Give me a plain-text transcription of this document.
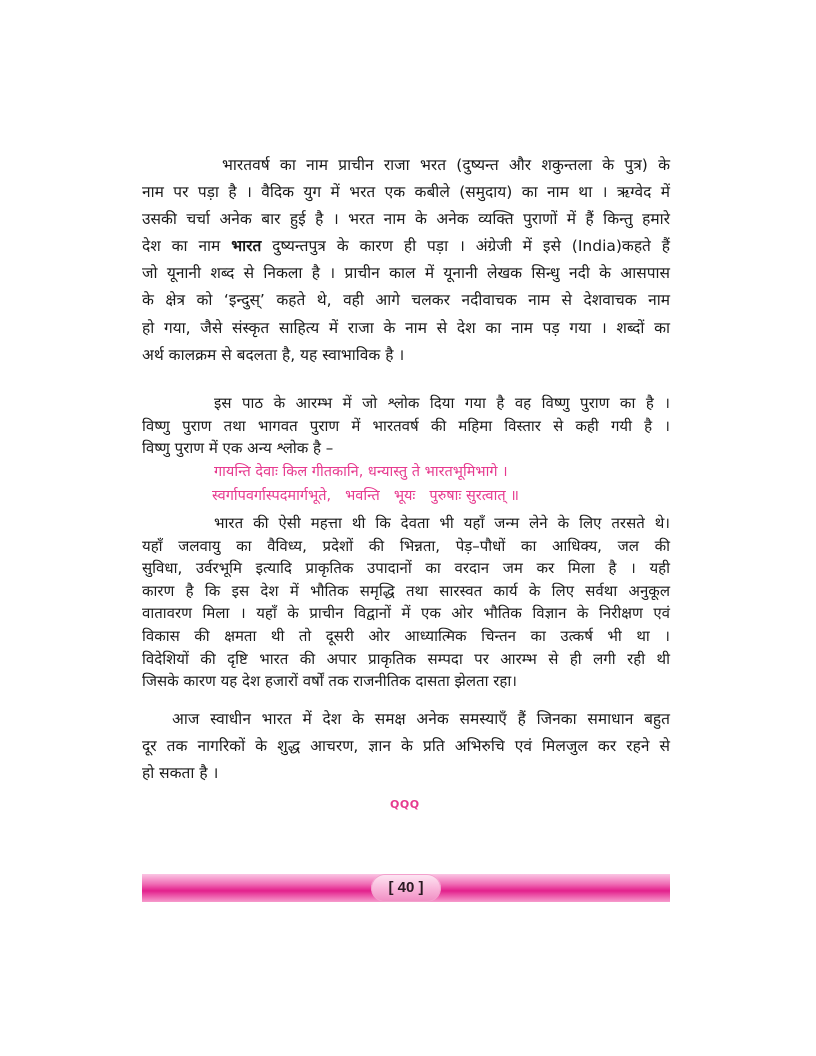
भारतवर्ष का नाम प्राचीन राजा भरत (दुष्यन्त और शकुन्तला के पुत्र) के
नाम पर पड़ा है । वैदिक युग में भरत एक कबीले (समुदाय) का नाम था । ऋग्वेद में
उसकी चर्चा अनेक बार हुई है । भरत नाम के अनेक व्यक्ति पुराणों में हैं किन्तु हमारे
देश का नाम भारत दुष्यन्तपुत्र के कारण ही पड़ा । अंग्रेजी में इसे (India)कहते हैं
जो यूनानी शब्द से निकला है । प्राचीन काल में यूनानी लेखक सिन्धु नदी के आसपास
के क्षेत्र को ‘इन्दुस्’ कहते थे, वही आगे चलकर नदीवाचक नाम से देशवाचक नाम
हो गया, जैसे संस्कृत साहित्य में राजा के नाम से देश का नाम पड़ गया । शब्दों का
अर्थ कालक्रम से बदलता है, यह स्वाभाविक है ।
इस पाठ के आरम्भ में जो श्लोक दिया गया है वह विष्णु पुराण का है ।
विष्णु पुराण तथा भागवत पुराण में भारतवर्ष की महिमा विस्तार से कही गयी है ।
विष्णु पुराण में एक अन्य श्लोक है –
गायन्ति देवाः किल गीतकानि, धन्यास्तु ते भारतभूमिभागे ।
स्वर्गापवर्गास्पदमार्गभूते, भवन्ति भूयः पुरुषाः सुरत्वात् ॥
भारत की ऐसी महत्ता थी कि देवता भी यहाँ जन्म लेने के लिए तरसते थे।
यहाँ जलवायु का वैविध्य, प्रदेशों की भिन्नता, पेड़–पौधों का आधिक्य, जल की
सुविधा, उर्वरभूमि इत्यादि प्राकृतिक उपादानों का वरदान जम कर मिला है । यही
कारण है कि इस देश में भौतिक समृद्धि तथा सारस्वत कार्य के लिए सर्वथा अनुकूल
वातावरण मिला । यहाँ के प्राचीन विद्वानों में एक ओर भौतिक विज्ञान के निरीक्षण एवं
विकास की क्षमता थी तो दूसरी ओर आध्यात्मिक चिन्तन का उत्कर्ष भी था ।
विदेशियों की दृष्टि भारत की अपार प्राकृतिक सम्पदा पर आरम्भ से ही लगी रही थी
जिसके कारण यह देश हजारों वर्षों तक राजनीतिक दासता झेलता रहा।
आज स्वाधीन भारत में देश के समक्ष अनेक समस्याएँ हैं जिनका समाधान बहुत
दूर तक नागरिकों के शुद्ध आचरण, ज्ञान के प्रति अभिरुचि एवं मिलजुल कर रहने से
हो सकता है ।
QQQ
[ 40 ]
